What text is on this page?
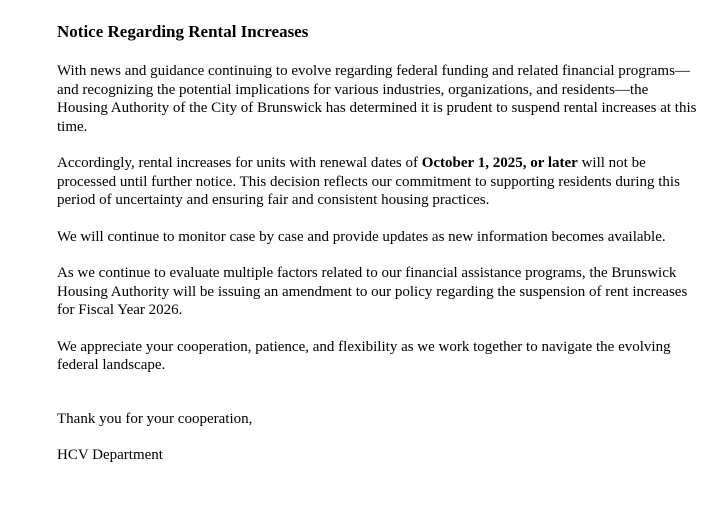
Notice Regarding Rental Increases

With news and guidance continuing to evolve regarding federal funding and related financial programs—and recognizing the potential implications for various industries, organizations, and residents—the Housing Authority of the City of Brunswick has determined it is prudent to suspend rental increases at this time.

Accordingly, rental increases for units with renewal dates of October 1, 2025, or later will not be processed until further notice. This decision reflects our commitment to supporting residents during this period of uncertainty and ensuring fair and consistent housing practices.

We will continue to monitor case by case and provide updates as new information becomes available.

As we continue to evaluate multiple factors related to our financial assistance programs, the Brunswick Housing Authority will be issuing an amendment to our policy regarding the suspension of rent increases for Fiscal Year 2026.

We appreciate your cooperation, patience, and flexibility as we work together to navigate the evolving federal landscape.

Thank you for your cooperation,

HCV Department
